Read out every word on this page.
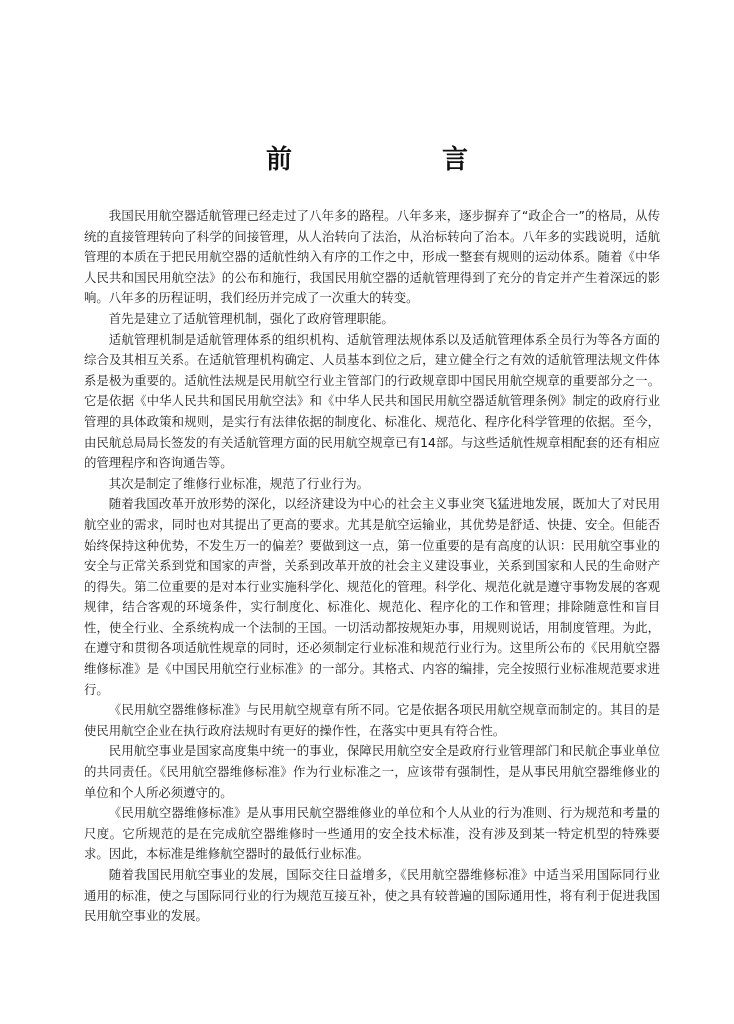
前　言

我国民用航空器适航管理已经走过了八年多的路程。八年多来，逐步摒弃了“政企合一”的格局，从传统的直接管理转向了科学的间接管理，从人治转向了法治，从治标转向了治本。八年多的实践说明，适航管理的本质在于把民用航空器的适航性纳入有序的工作之中，形成一整套有规则的运动体系。随着《中华人民共和国民用航空法》的公布和施行，我国民用航空器的适航管理得到了充分的肯定并产生着深远的影响。八年多的历程证明，我们经历并完成了一次重大的转变。

首先是建立了适航管理机制，强化了政府管理职能。

适航管理机制是适航管理体系的组织机构、适航管理法规体系以及适航管理体系全员行为等各方面的综合及其相互关系。在适航管理机构确定、人员基本到位之后，建立健全行之有效的适航管理法规文件体系是极为重要的。适航性法规是民用航空行业主管部门的行政规章即中国民用航空规章的重要部分之一。它是依据《中华人民共和国民用航空法》和《中华人民共和国民用航空器适航管理条例》制定的政府行业管理的具体政策和规则，是实行有法律依据的制度化、标准化、规范化、程序化科学管理的依据。至今，由民航总局局长签发的有关适航管理方面的民用航空规章已有14部。与这些适航性规章相配套的还有相应的管理程序和咨询通告等。

其次是制定了维修行业标准，规范了行业行为。

随着我国改革开放形势的深化，以经济建设为中心的社会主义事业突飞猛进地发展，既加大了对民用航空业的需求，同时也对其提出了更高的要求。尤其是航空运输业，其优势是舒适、快捷、安全。但能否始终保持这种优势，不发生万一的偏差？要做到这一点，第一位重要的是有高度的认识：民用航空事业的安全与正常关系到党和国家的声誉，关系到改革开放的社会主义建设事业，关系到国家和人民的生命财产的得失。第二位重要的是对本行业实施科学化、规范化的管理。科学化、规范化就是遵守事物发展的客观规律，结合客观的环境条件，实行制度化、标准化、规范化、程序化的工作和管理；排除随意性和盲目性，使全行业、全系统构成一个法制的王国。一切活动都按规矩办事，用规则说话，用制度管理。为此，在遵守和贯彻各项适航性规章的同时，还必须制定行业标准和规范行业行为。这里所公布的《民用航空器维修标准》是《中国民用航空行业标准》的一部分。其格式、内容的编排，完全按照行业标准规范要求进行。

《民用航空器维修标准》与民用航空规章有所不同。它是依据各项民用航空规章而制定的。其目的是使民用航空企业在执行政府法规时有更好的操作性，在落实中更具有符合性。

民用航空事业是国家高度集中统一的事业，保障民用航空安全是政府行业管理部门和民航企事业单位的共同责任。《民用航空器维修标准》作为行业标准之一，应该带有强制性，是从事民用航空器维修业的单位和个人所必须遵守的。

《民用航空器维修标准》是从事用民航空器维修业的单位和个人从业的行为准则、行为规范和考量的尺度。它所规范的是在完成航空器维修时一些通用的安全技术标准，没有涉及到某一特定机型的特殊要求。因此，本标准是维修航空器时的最低行业标准。

随着我国民用航空事业的发展，国际交往日益增多，《民用航空器维修标准》中适当采用国际同行业通用的标准，使之与国际同行业的行为规范互接互补，使之具有较普遍的国际通用性，将有利于促进我国民用航空事业的发展。
